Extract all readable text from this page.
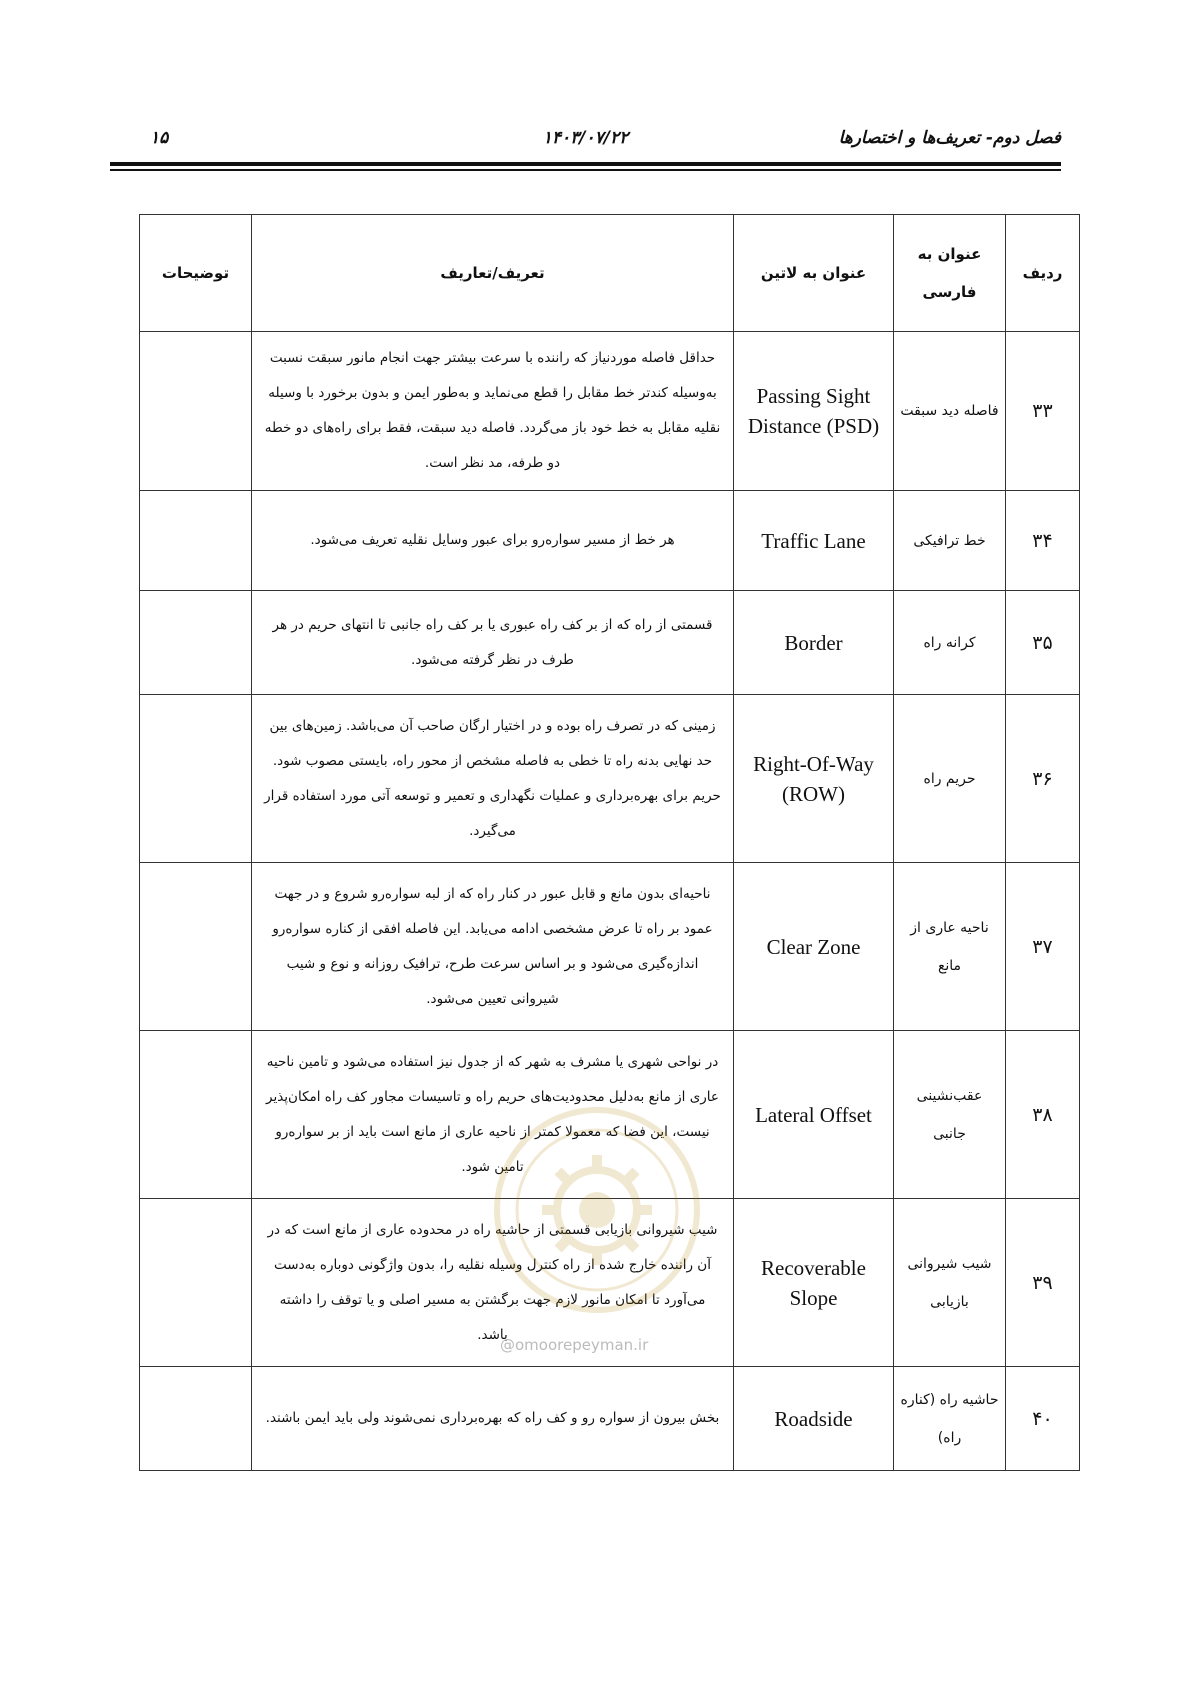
فصل دوم- تعریف‌ها و اختصارها
۱۴۰۳/۰۷/۲۲
۱۵
ردیف	عنوان به فارسی	عنوان به لاتین	تعریف/تعاریف	توضیحات
۳۳	فاصله دید سبقت	Passing Sight Distance (PSD)	حداقل فاصله موردنیاز که راننده با سرعت بیشتر جهت انجام مانور سبقت نسبت به‌وسیله کندتر خط مقابل را قطع می‌نماید و به‌طور ایمن و بدون برخورد با وسیله نقلیه مقابل به خط خود باز می‌گردد. فاصله دید سبقت، فقط برای راه‌های دو خطه دو طرفه، مد نظر است.	
۳۴	خط ترافیکی	Traffic Lane	هر خط از مسیر سواره‌رو برای عبور وسایل نقلیه تعریف می‌شود.	
۳۵	کرانه راه	Border	قسمتی از راه که از بر کف راه عبوری یا بر کف راه جانبی تا انتهای حریم در هر طرف در نظر گرفته می‌شود.	
۳۶	حریم راه	Right-Of-Way (ROW)	زمینی که در تصرف راه بوده و در اختیار ارگان صاحب آن می‌باشد. زمین‌های بین حد نهایی بدنه راه تا خطی به فاصله مشخص از محور راه، بایستی مصوب شود. حریم برای بهره‌برداری و عملیات نگهداری و تعمیر و توسعه آتی مورد استفاده قرار می‌گیرد.	
۳۷	ناحیه عاری از مانع	Clear Zone	ناحیه‌ای بدون مانع و قابل عبور در کنار راه که از لبه سواره‌رو شروع و در جهت عمود بر راه تا عرض مشخصی ادامه می‌یابد. این فاصله افقی از کناره سواره‌رو اندازه‌گیری می‌شود و بر اساس سرعت طرح، ترافیک روزانه و نوع و شیب شیروانی تعیین می‌شود.	
۳۸	عقب‌نشینی جانبی	Lateral Offset	در نواحی شهری یا مشرف به شهر که از جدول نیز استفاده می‌شود و تامین ناحیه عاری از مانع به‌دلیل محدودیت‌های حریم راه و تاسیسات مجاور کف راه امکان‌پذیر نیست، این فضا که معمولا کمتر از ناحیه عاری از مانع است باید از بر سواره‌رو تامین شود.	
۳۹	شیب شیروانی بازیابی	Recoverable Slope	شیب شیروانی بازیابی قسمتی از حاشیه راه در محدوده عاری از مانع است که در آن راننده خارج شده از راه کنترل وسیله نقلیه را، بدون واژگونی دوباره به‌دست می‌آورد تا امکان مانور لازم جهت برگشتن به مسیر اصلی و یا توقف را داشته باشد.	
۴۰	حاشیه راه (کناره راه)	Roadside	بخش بیرون از سواره رو و کف راه که بهره‌برداری نمی‌شوند ولی باید ایمن باشند.	
@omoorepeyman.ir
